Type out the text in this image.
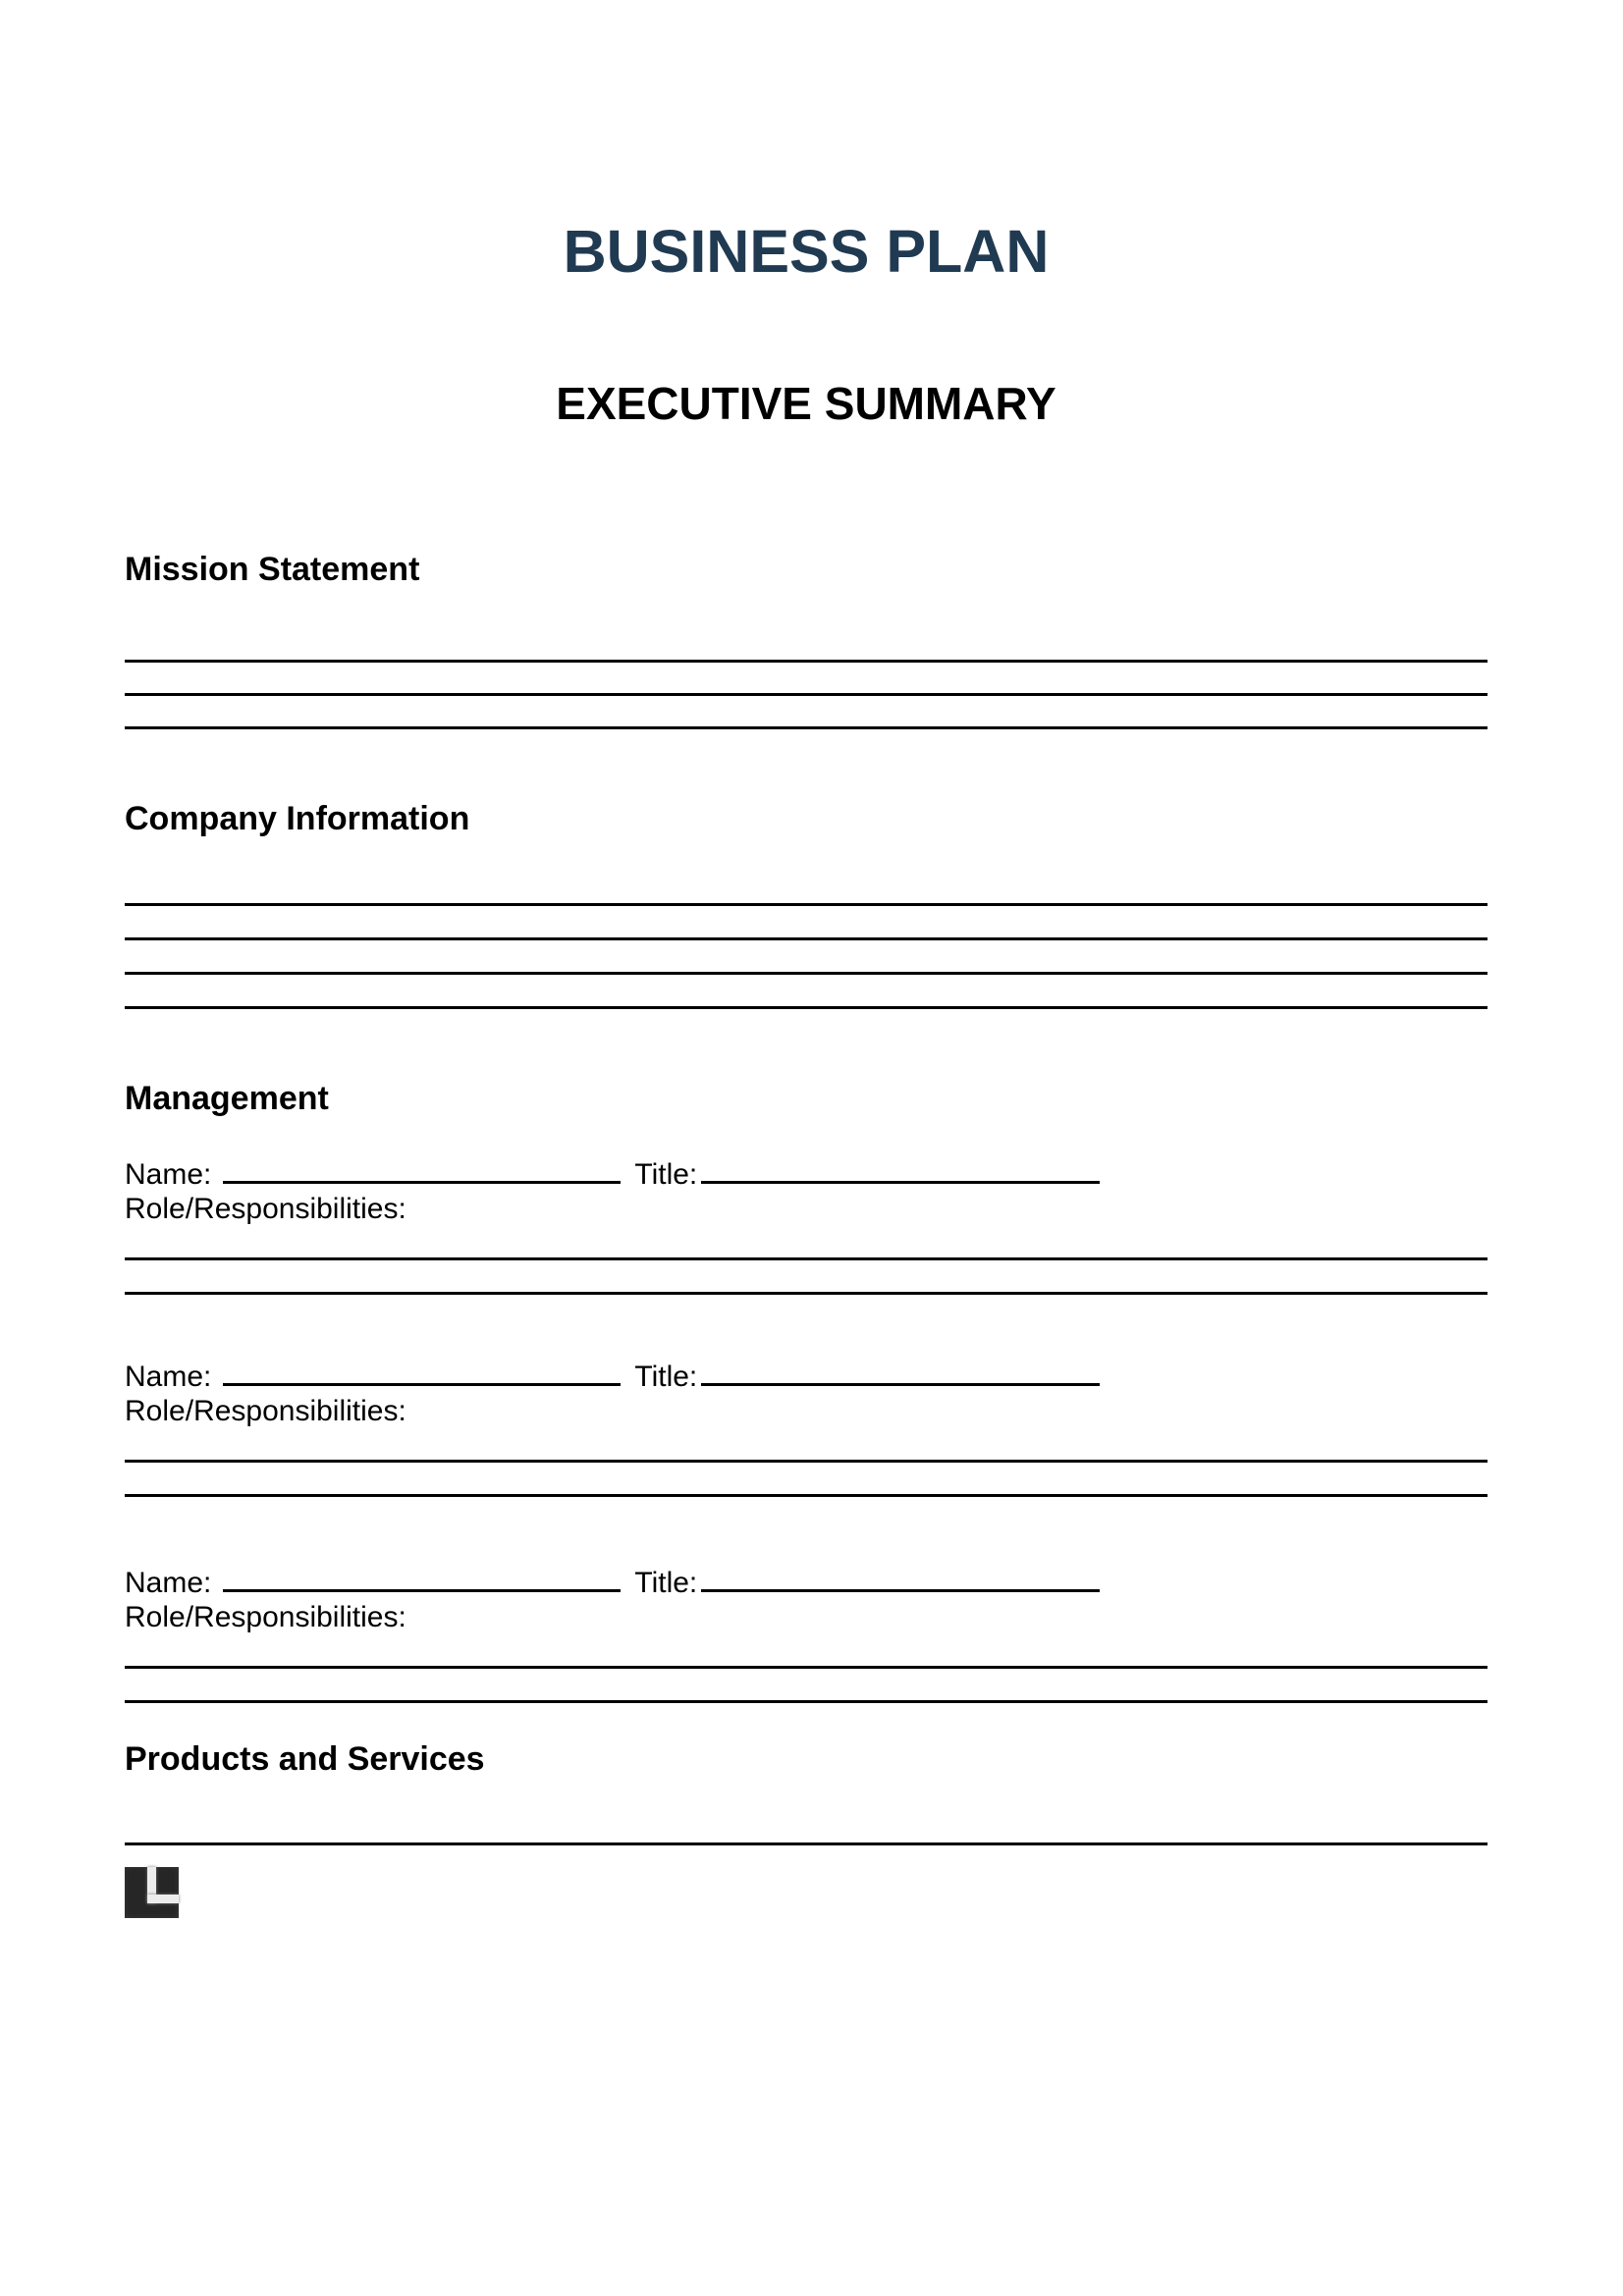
BUSINESS PLAN
EXECUTIVE SUMMARY
Mission Statement
Company Information
Management
Name:	Title:
Role/Responsibilities:
Name:	Title:
Role/Responsibilities:
Name:	Title:
Role/Responsibilities:
Products and Services
